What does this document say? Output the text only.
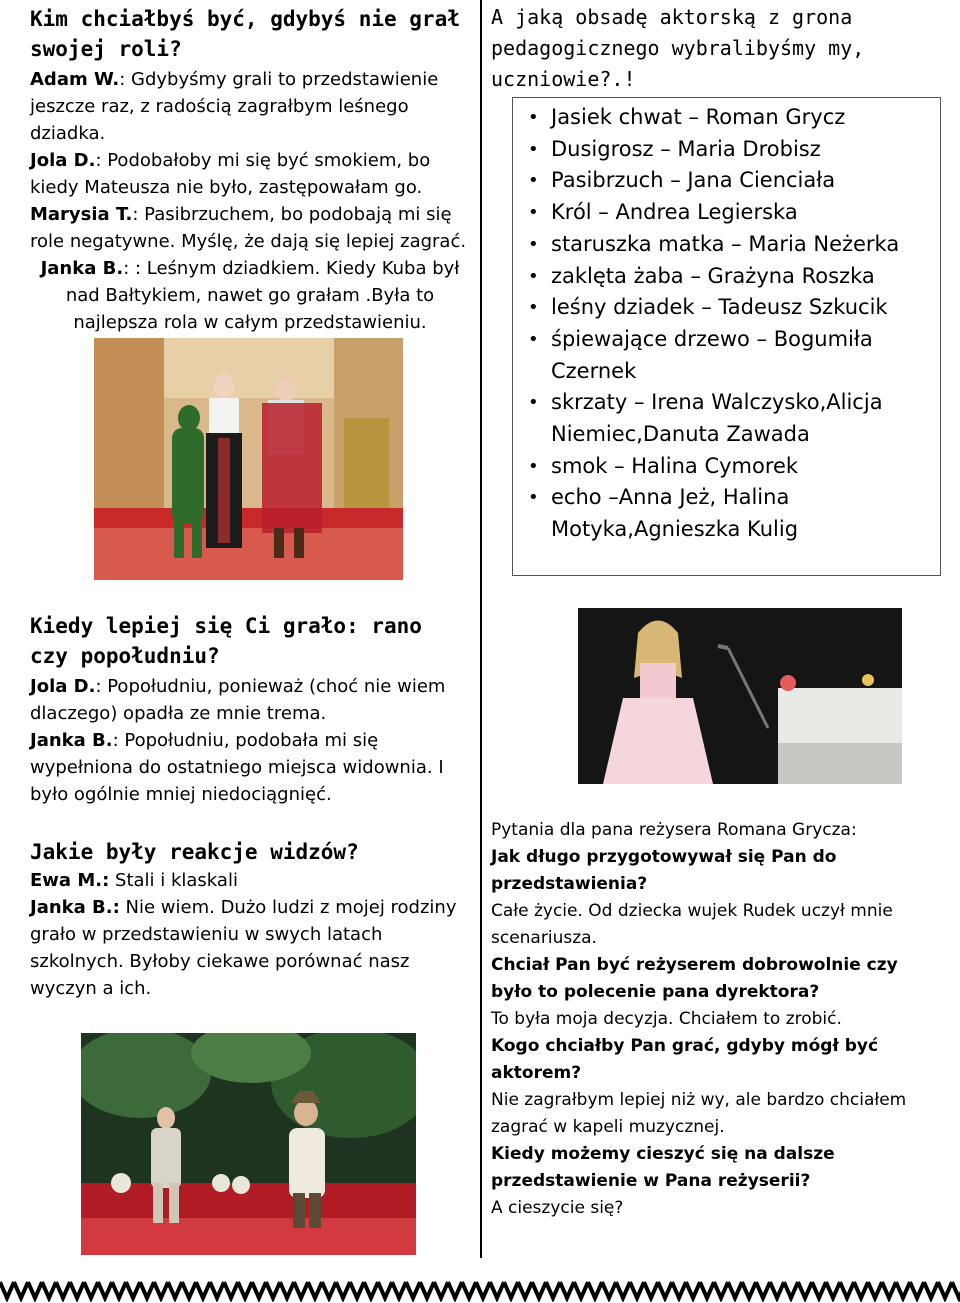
Kim chciałbyś być, gdybyś nie grał swojej roli?
Adam W.: Gdybyśmy grali to przedstawienie jeszcze raz, z radością zagrałbym leśnego dziadka.
Jola D.: Podobałoby mi się być smokiem, bo kiedy Mateusza nie było, zastępowałam go.
Marysia T.: Pasibrzuchem, bo podobają mi się role negatywne. Myślę, że dają się lepiej zagrać.
Janka B.: : Leśnym dziadkiem. Kiedy Kuba był nad Bałtykiem, nawet go grałam .Była to najlepsza rola w całym przedstawieniu.
Kiedy lepiej się Ci grało: rano czy popołudniu?
Jola D.: Popołudniu, ponieważ (choć nie wiem dlaczego) opadła ze mnie trema.
Janka B.: Popołudniu, podobała mi się wypełniona do ostatniego miejsca widownia. I było ogólnie mniej niedociągnięć.
Jakie były reakcje widzów?
Ewa M.: Stali i klaskali
Janka B.: Nie wiem. Dużo ludzi z mojej rodziny grało w przedstawieniu w swych latach szkolnych. Byłoby ciekawe porównać nasz wyczyn a ich.
A jaką obsadę aktorską z grona pedagogicznego wybralibyśmy my, uczniowie?.!
• Jasiek chwat – Roman Grycz
• Dusigrosz – Maria Drobisz
• Pasibrzuch – Jana Cienciała
• Król – Andrea Legierska
• staruszka matka – Maria Neżerka
• zaklęta żaba – Grażyna Roszka
• leśny dziadek – Tadeusz Szkucik
• śpiewające drzewo – Bogumiła Czernek
• skrzaty – Irena Walczysko,Alicja Niemiec,Danuta Zawada
• smok – Halina Cymorek
• echo –Anna Jeż, Halina Motyka,Agnieszka Kulig
Pytania dla pana reżysera Romana Grycza:
Jak długo przygotowywał się Pan do przedstawienia?
Całe życie. Od dziecka wujek Rudek uczył mnie scenariusza.
Chciał Pan być reżyserem dobrowolnie czy było to polecenie pana dyrektora?
To była moja decyzja. Chciałem to zrobić.
Kogo chciałby Pan grać, gdyby mógł być aktorem?
Nie zagrałbym lepiej niż wy, ale bardzo chciałem zagrać w kapeli muzycznej.
Kiedy możemy cieszyć się na dalsze przedstawienie w Pana reżyserii?
A cieszycie się?
